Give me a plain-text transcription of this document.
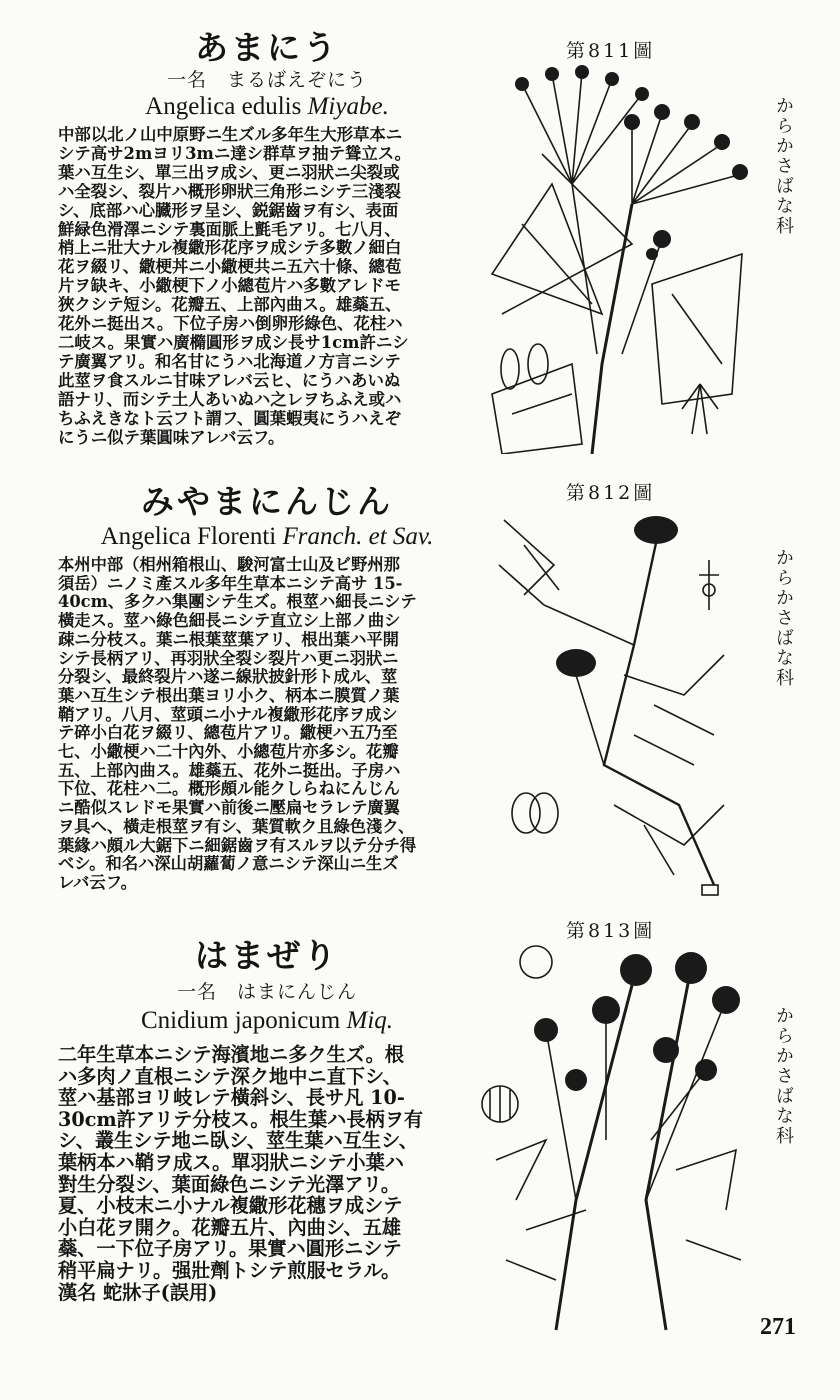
あまにう
一名　まるばえぞにう
Angelica edulis Miyabe.
中部以北ノ山中原野ニ生ズル多年生大形草本ニ
シテ高サ2mヨリ3mニ達シ群草ヲ抽テ聳立ス。
葉ハ互生シ、單三出ヲ成シ、更ニ羽狀ニ尖裂或
ハ全裂シ、裂片ハ概形卵狀三角形ニシテ三淺裂
シ、底部ハ心臓形ヲ呈シ、鋭鋸齒ヲ有シ、表面
鮮緑色滑澤ニシテ裏面脈上氈毛アリ。七八月、
梢上ニ壯大ナル複繖形花序ヲ成シテ多數ノ細白
花ヲ綴リ、繖梗丼ニ小繖梗共ニ五六十條、總苞
片ヲ缺キ、小繖梗下ノ小總苞片ハ多數アレドモ
狹クシテ短シ。花瓣五、上部內曲ス。雄蘂五、
花外ニ挺出ス。下位子房ハ倒卵形綠色、花柱ハ
二岐ス。果實ハ廣橢圓形ヲ成シ長サ1cm許ニシ
テ廣翼アリ。和名甘にうハ北海道ノ方言ニシテ
此莖ヲ食スルニ甘味アレバ云ヒ、にうハあいぬ
語ナリ、而シテ土人あいぬハ之レヲちふえ或ハ
ちふえきなト云フト謂フ、圓葉蝦夷にうハえぞ
にうニ似テ葉圓味アレバ云フ。
第811圖
からかさばな科
みやまにんじん
Angelica Florenti Franch. et Sav.
本州中部（相州箱根山、駿河富士山及ビ野州那
須岳）ニノミ產スル多年生草本ニシテ高サ 15-
40cm、多クハ集團シテ生ズ。根莖ハ細長ニシテ
橫走ス。莖ハ綠色細長ニシテ直立シ上部ノ曲シ
疎ニ分枝ス。葉ニ根葉莖葉アリ、根出葉ハ平開
シテ長柄アリ、再羽狀全裂シ裂片ハ更ニ羽狀ニ
分裂シ、最終裂片ハ遂ニ線狀披針形ト成ル、莖
葉ハ互生シテ根出葉ヨリ小ク、柄本ニ膜質ノ葉
鞘アリ。八月、莖頭ニ小ナル複繖形花序ヲ成シ
テ碎小白花ヲ綴リ、總苞片アリ。繖梗ハ五乃至
七、小繖梗ハ二十內外、小總苞片亦多シ。花瓣
五、上部內曲ス。雄蘂五、花外ニ挺出。子房ハ
下位、花柱ハ二。概形頗ル能クしらねにんじん
ニ酷似スレドモ果實ハ前後ニ壓扁セラレテ廣翼
ヲ具ヘ、橫走根莖ヲ有シ、葉質軟ク且綠色淺ク、
葉緣ハ頗ル大鋸下ニ細鋸齒ヲ有スルヲ以テ分チ得
ベシ。和名ハ深山胡蘿蔔ノ意ニシテ深山ニ生ズ
レバ云フ。
第812圖
からかさばな科
はまぜり
一名　はまにんじん
Cnidium japonicum Miq.
二年生草本ニシテ海濱地ニ多ク生ズ。根
ハ多肉ノ直根ニシテ深ク地中ニ直下シ、
莖ハ基部ヨリ岐レテ橫斜シ、長サ凡 10-
30cm許アリテ分枝ス。根生葉ハ長柄ヲ有
シ、叢生シテ地ニ臥シ、莖生葉ハ互生シ、
葉柄本ハ鞘ヲ成ス。單羽狀ニシテ小葉ハ
對生分裂シ、葉面綠色ニシテ光澤アリ。
夏、小枝末ニ小ナル複繖形花穗ヲ成シテ
小白花ヲ開ク。花瓣五片、內曲シ、五雄
蘂、一下位子房アリ。果實ハ圓形ニシテ
稍平扁ナリ。强壯劑トシテ煎服セラル。
漢名 蛇牀子(誤用)
第813圖
からかさばな科
271
